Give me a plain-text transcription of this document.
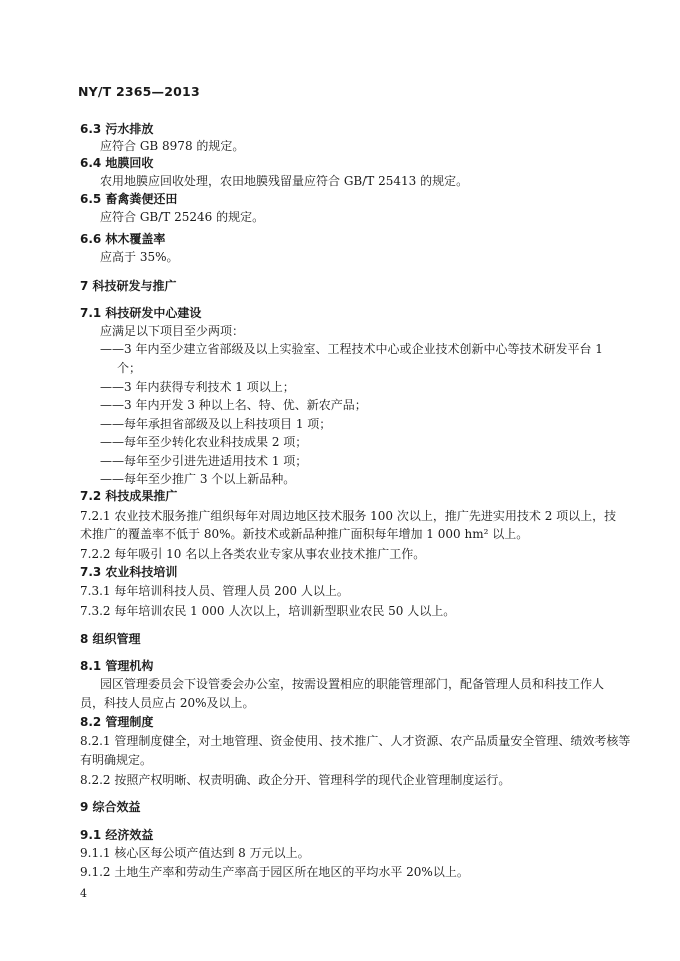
NY/T 2365—2013
6.3 污水排放
应符合 GB 8978 的规定。
6.4 地膜回收
农用地膜应回收处理，农田地膜残留量应符合 GB/T 25413 的规定。
6.5 畜禽粪便还田
应符合 GB/T 25246 的规定。
6.6 林木覆盖率
应高于 35%。
7 科技研发与推广
7.1 科技研发中心建设
应满足以下项目至少两项：
——3 年内至少建立省部级及以上实验室、工程技术中心或企业技术创新中心等技术研发平台 1
个；
——3 年内获得专利技术 1 项以上；
——3 年内开发 3 种以上名、特、优、新农产品；
——每年承担省部级及以上科技项目 1 项；
——每年至少转化农业科技成果 2 项；
——每年至少引进先进适用技术 1 项；
——每年至少推广 3 个以上新品种。
7.2 科技成果推广
7.2.1 农业技术服务推广组织每年对周边地区技术服务 100 次以上，推广先进实用技术 2 项以上，技
术推广的覆盖率不低于 80%。新技术或新品种推广面积每年增加 1 000 hm² 以上。
7.2.2 每年吸引 10 名以上各类农业专家从事农业技术推广工作。
7.3 农业科技培训
7.3.1 每年培训科技人员、管理人员 200 人以上。
7.3.2 每年培训农民 1 000 人次以上，培训新型职业农民 50 人以上。
8 组织管理
8.1 管理机构
园区管理委员会下设管委会办公室，按需设置相应的职能管理部门，配备管理人员和科技工作人
员，科技人员应占 20%及以上。
8.2 管理制度
8.2.1 管理制度健全，对土地管理、资金使用、技术推广、人才资源、农产品质量安全管理、绩效考核等
有明确规定。
8.2.2 按照产权明晰、权责明确、政企分开、管理科学的现代企业管理制度运行。
9 综合效益
9.1 经济效益
9.1.1 核心区每公顷产值达到 8 万元以上。
9.1.2 土地生产率和劳动生产率高于园区所在地区的平均水平 20%以上。
4
